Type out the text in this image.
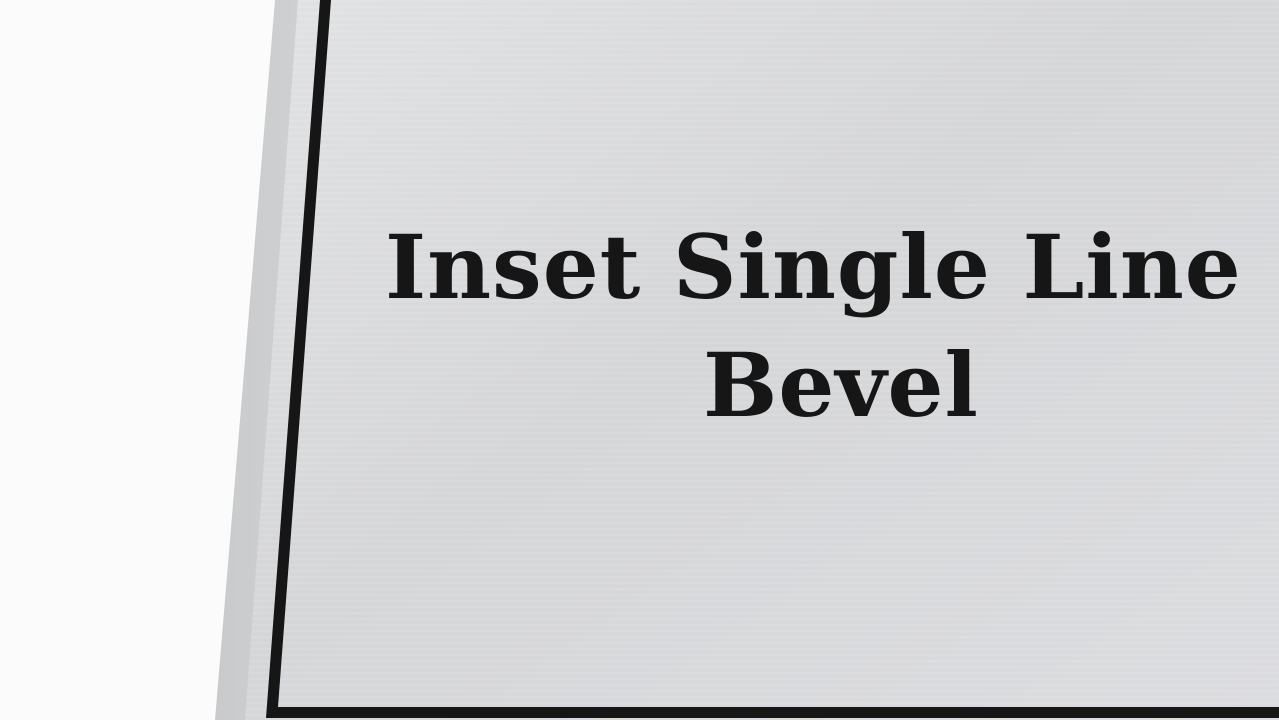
Inset Single Line
Bevel
